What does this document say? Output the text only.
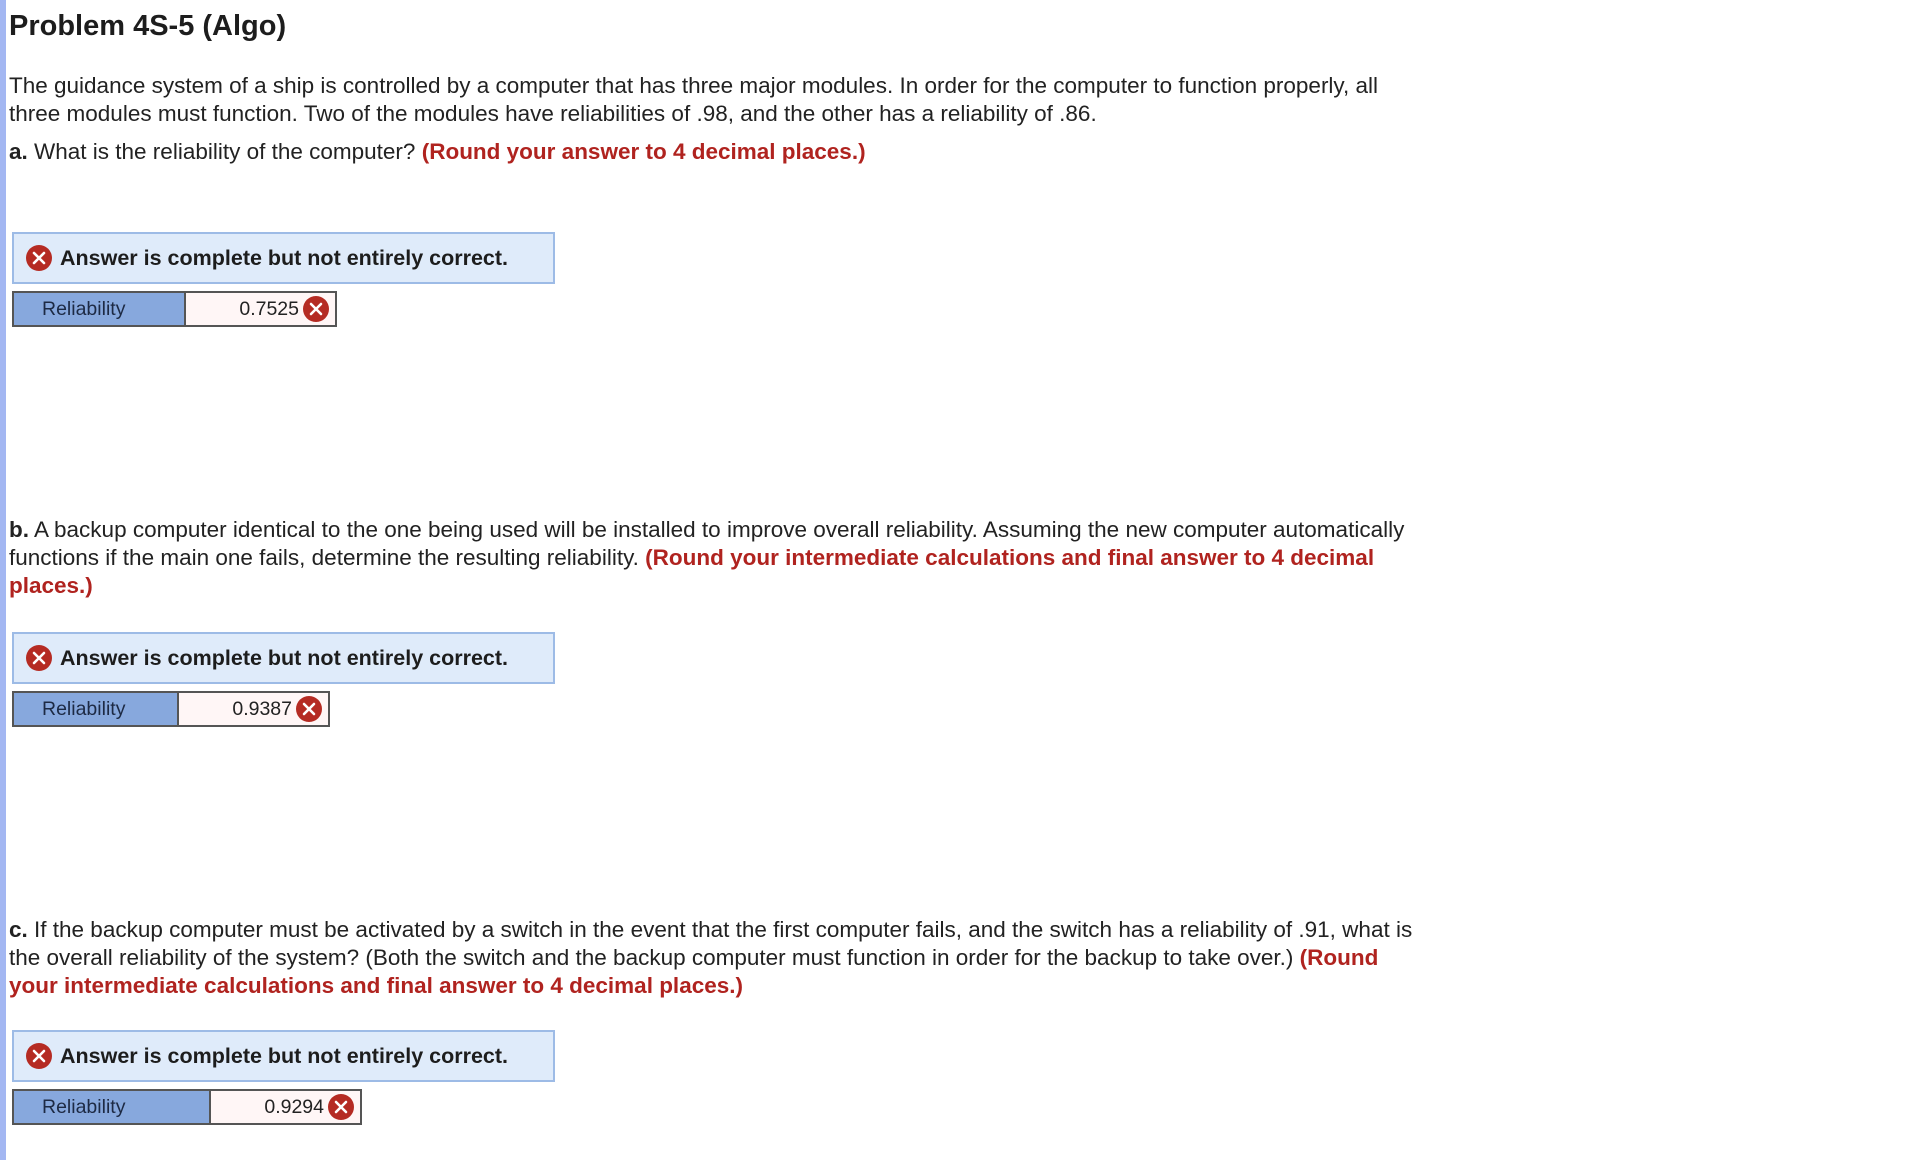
Problem 4S-5 (Algo)
The guidance system of a ship is controlled by a computer that has three major modules. In order for the computer to function properly, all three modules must function. Two of the modules have reliabilities of .98, and the other has a reliability of .86.
a. What is the reliability of the computer? (Round your answer to 4 decimal places.)
Answer is complete but not entirely correct.
Reliability	0.7525
b. A backup computer identical to the one being used will be installed to improve overall reliability. Assuming the new computer automatically functions if the main one fails, determine the resulting reliability. (Round your intermediate calculations and final answer to 4 decimal places.)
Answer is complete but not entirely correct.
Reliability	0.9387
c. If the backup computer must be activated by a switch in the event that the first computer fails, and the switch has a reliability of .91, what is the overall reliability of the system? (Both the switch and the backup computer must function in order for the backup to take over.) (Round your intermediate calculations and final answer to 4 decimal places.)
Answer is complete but not entirely correct.
Reliability	0.9294
